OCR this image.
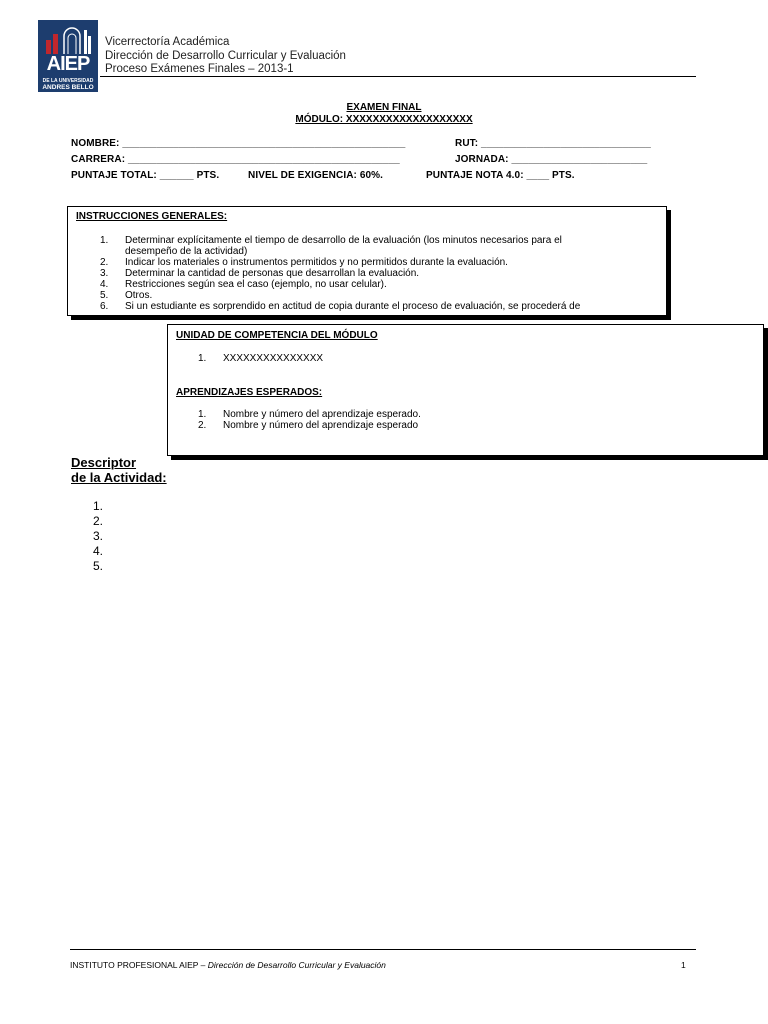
AIEP
DE LA UNIVERSIDAD
ANDRES BELLO
Vicerrectoría Académica
Dirección de Desarrollo Curricular y Evaluación
Proceso Exámenes Finales – 2013-1
EXAMEN FINAL
MÓDULO: XXXXXXXXXXXXXXXXXXX
NOMBRE: __________________________________________________	RUT: ______________________________
CARRERA: ________________________________________________	JORNADA: ________________________
PUNTAJE TOTAL: ______ PTS.	NIVEL DE EXIGENCIA: 60%.	PUNTAJE NOTA 4.0: ____ PTS.
INSTRUCCIONES GENERALES:
1. Determinar explícitamente el tiempo de desarrollo de la evaluación (los minutos necesarios para el
desempeño de la actividad)
2. Indicar los materiales o instrumentos permitidos y no permitidos durante la evaluación.
3. Determinar la cantidad de personas que desarrollan la evaluación.
4. Restricciones según sea el caso (ejemplo, no usar celular).
5. Otros.
6. Si un estudiante es sorprendido en actitud de copia durante el proceso de evaluación, se procederá de
UNIDAD DE COMPETENCIA DEL MÓDULO
1. XXXXXXXXXXXXXXX
APRENDIZAJES ESPERADOS:
1. Nombre y número del aprendizaje esperado.
2. Nombre y número del aprendizaje esperado
Descriptor
de la Actividad:
1.
2.
3.
4.
5.
INSTITUTO PROFESIONAL AIEP – Dirección de Desarrollo Curricular y Evaluación	1
